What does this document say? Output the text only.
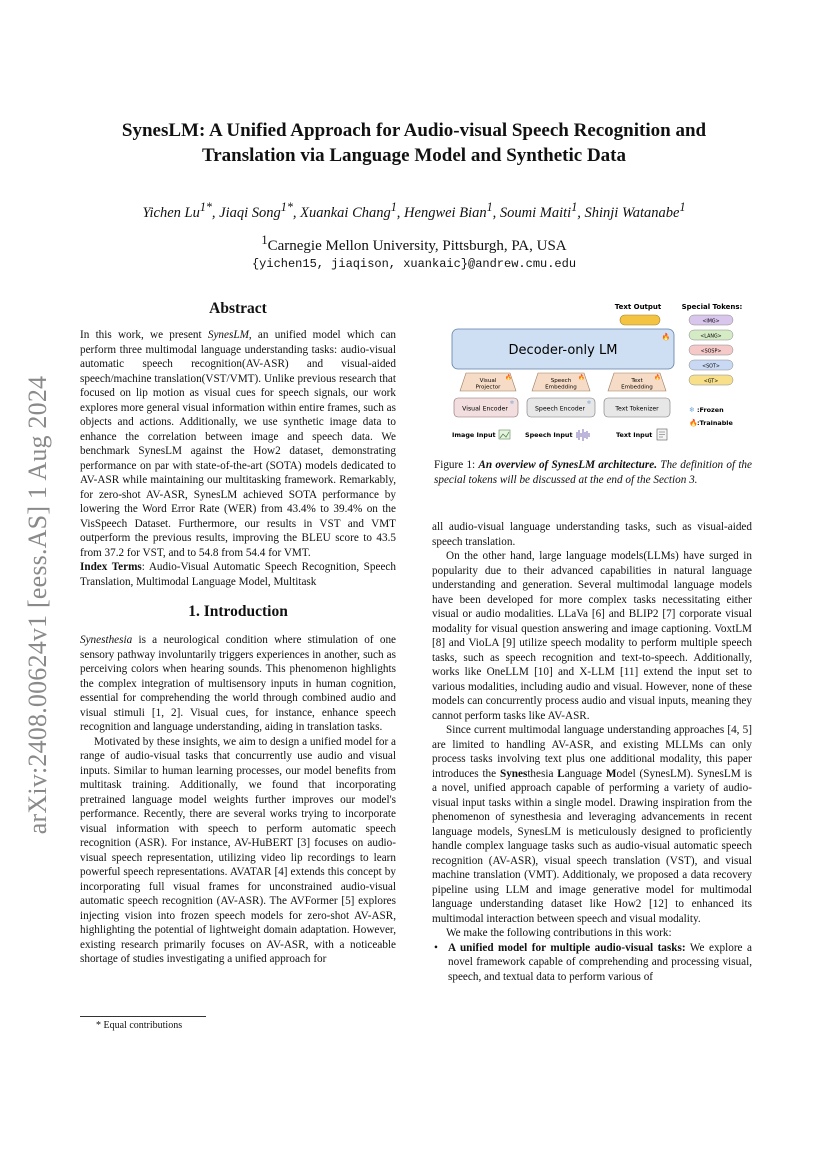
arXiv:2408.00624v1 [eess.AS] 1 Aug 2024
SynesLM: A Unified Approach for Audio-visual Speech Recognition and
Translation via Language Model and Synthetic Data
Yichen $Lu^{1*}$, Jiaqi Song$^{1*}$, Xuankai Chang$^1$, Hengwei Bian$^1$, Soumi Maiti$^1$, Shinji Watanabe$^1$
$^1$Carnegie Mellon University, Pittsburgh, PA, USA
{yichen15, jiaqison, xuankaic}@andrew.cmu.edu
Abstract

In this work, we present SynesLM, an unified model which can perform three multimodal language understanding tasks: audio-visual automatic speech recognition(AV-ASR) and visual-aided speech/machine translation(VST/VMT). Unlike previous research that focused on lip motion as visual cues for speech signals, our work explores more general visual information within entire frames, such as objects and actions. Additionally, we use synthetic image data to enhance the correlation between image and speech data. We benchmark SynesLM against the How2 dataset, demonstrating performance on par with state-of-the-art (SOTA) models dedicated to AV-ASR while maintaining our multitasking framework. Remarkably, for zero-shot AV-ASR, SynesLM achieved SOTA performance by lowering the Word Error Rate (WER) from 43.4% to 39.4% on the VisSpeech Dataset. Furthermore, our results in VST and VMT outperform the previous results, improving the BLEU score to 43.5 from 37.2 for VST, and to 54.8 from 54.4 for VMT.

Index Terms: Audio-Visual Automatic Speech Recognition, Speech Translation, Multimodal Language Model, Multitask

1. Introduction

Synesthesia is a neurological condition where stimulation of one sensory pathway involuntarily triggers experiences in another, such as perceiving colors when hearing sounds. This phenomenon highlights the complex integration of multisensory inputs in human cognition, essential for comprehending the world through combined audio and visual stimuli [1, 2]. Visual cues, for instance, enhance speech recognition and language understanding, aiding in translation tasks.

Motivated by these insights, we aim to design a unified model for a range of audio-visual tasks that concurrently use audio and visual inputs. Similar to human learning processes, our model benefits from multitask training. Additionally, we found that incorporating pretrained language model weights further improves our model's performance. Recently, there are several works trying to incorporate visual information with speech to perform automatic speech recognition (ASR). For instance, AV-HuBERT [3] focuses on audio-visual speech representation, utilizing video lip recordings to learn powerful speech representations. AVATAR [4] extends this concept by incorporating full visual frames for unconstrained audio-visual automatic speech recognition (AV-ASR). The AVFormer [5] explores injecting vision into frozen speech models for zero-shot AV-ASR, highlighting the potential of lightweight domain adaptation. However, existing research primarily focuses on AV-ASR, with a noticeable shortage of studies investigating a unified approach for

* Equal contributions
Text Output	Special Tokens:
<IMG>
<LANG>
<SOSP>
<SOT>
<GT>
Decoder-only LM
🔥
Visual Projector
🔥	Speech Embedding
🔥	Text Embedding
🔥
Visual Encoder
❄
Speech Encoder
❄
Text Tokenizer	❄ :Frozen
🔥 :Trainable
Image Input	Speech Input	Text Input

Figure 1: An overview of SynesLM architecture. The definition of the special tokens will be discussed at the end of the Section 3.

all audio-visual language understanding tasks, such as visual-aided speech translation.

On the other hand, large language models(LLMs) have surged in popularity due to their advanced capabilities in natural language understanding and generation. Several multimodal language models have been developed for more complex tasks necessitating either visual or audio modalities. LLaVa [6] and BLIP2 [7] corporate visual modality for visual question answering and image captioning. VoxtLM [8] and VioLA [9] utilize speech modality to perform multiple speech tasks, such as speech recognition and text-to-speech. Additionally, works like OneLLM [10] and X-LLM [11] extend the input set to various modalities, including audio and visual. However, none of these models can concurrently process audio and visual inputs, meaning they cannot perform tasks like AV-ASR.

Since current multimodal language understanding approaches [4, 5] are limited to handling AV-ASR, and existing MLLMs can only process tasks involving text plus one additional modality, this paper introduces the Synesthesia Language Model (SynesLM). SynesLM is a novel, unified approach capable of performing a variety of audio-visual input tasks within a single model. Drawing inspiration from the phenomenon of synesthesia and leveraging advancements in recent language models, SynesLM is meticulously designed to proficiently handle complex language tasks such as audio-visual automatic speech recognition (AV-ASR), visual speech translation (VST), and visual machine translation (VMT). Additionaly, we proposed a data recovery pipeline using LLM and image generative model for multimodal language understanding dataset like How2 [12] to enhanced its multimodal interaction between speech and visual modality.

We make the following contributions in this work:

• A unified model for multiple audio-visual tasks: We explore a novel framework capable of comprehending and processing visual, speech, and textual data to perform various of
